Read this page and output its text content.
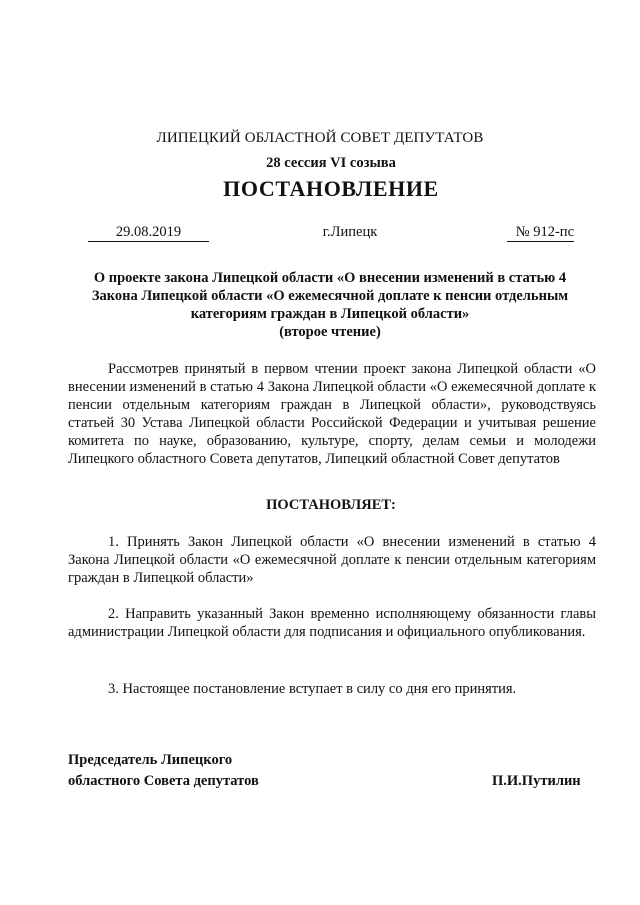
ЛИПЕЦКИЙ ОБЛАСТНОЙ СОВЕТ ДЕПУТАТОВ
28 сессия VI созыва
ПОСТАНОВЛЕНИЕ
29.08.2019	г.Липецк	№ 912-пс
О проекте закона Липецкой области «О внесении изменений в статью 4
Закона Липецкой области «О ежемесячной доплате к пенсии отдельным
категориям граждан в Липецкой области»
(второе чтение)
Рассмотрев принятый в первом чтении проект закона Липецкой области «О внесении изменений в статью 4 Закона Липецкой области «О ежемесячной доплате к пенсии отдельным категориям граждан в Липецкой области», руководствуясь статьей 30 Устава Липецкой области Российской Федерации и учитывая решение комитета по науке, образованию, культуре, спорту, делам семьи и молодежи Липецкого областного Совета депутатов, Липецкий областной Совет депутатов
ПОСТАНОВЛЯЕТ:
1. Принять Закон Липецкой области «О внесении изменений в статью 4 Закона Липецкой области «О ежемесячной доплате к пенсии отдельным категориям граждан в Липецкой области»
2. Направить указанный Закон временно исполняющему обязанности главы администрации Липецкой области для подписания и официального опубликования.
3. Настоящее постановление вступает в силу со дня его принятия.
Председатель Липецкого
областного Совета депутатов	П.И.Путилин
